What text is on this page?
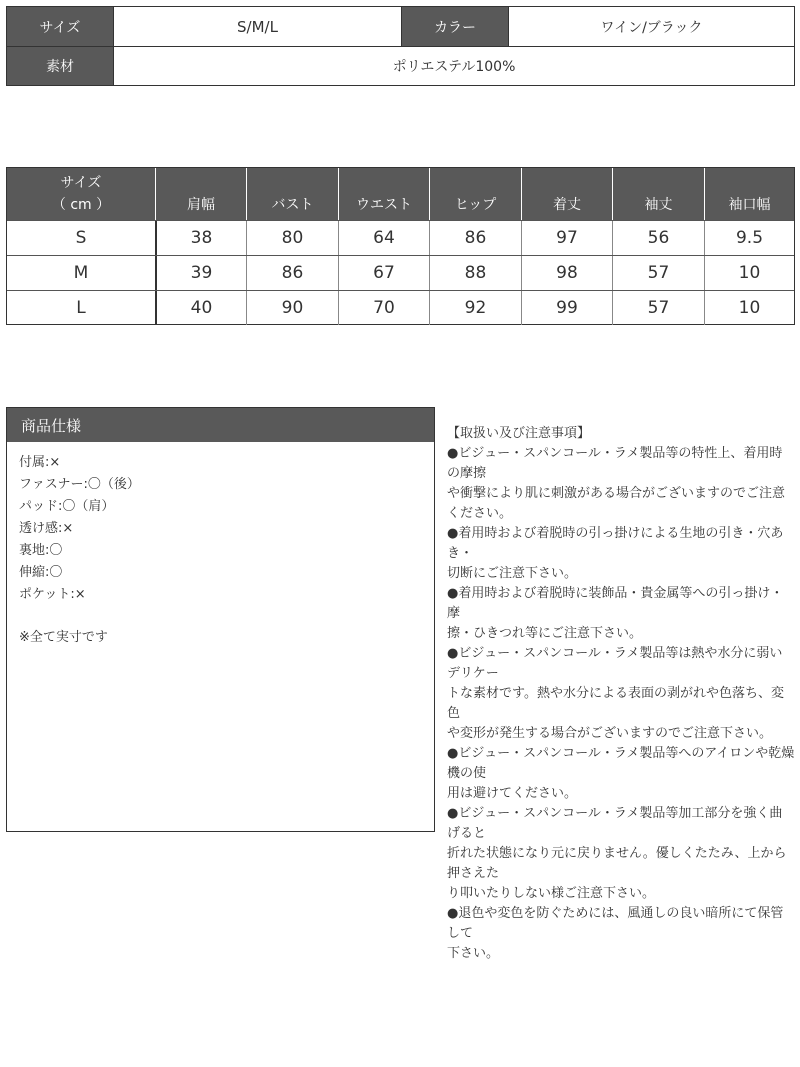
サイズ	S/M/L	カラー	ワイン/ブラック
素材	ポリエステル100%
サイズ
（ cm ）	肩幅	バスト	ウエスト	ヒップ	着丈	袖丈	袖口幅
S	38	80	64	86	97	56	9.5
M	39	86	67	88	98	57	10
L	40	90	70	92	99	57	10
商品仕様
付属:×
ファスナー:〇（後）
パッド:〇（肩）
透け感:×
裏地:〇
伸縮:〇
ポケット:×
※全て実寸です
【取扱い及び注意事項】
●ビジュー・スパンコール・ラメ製品等の特性上、着用時の摩擦
や衝撃により肌に刺激がある場合がございますのでご注意ください。
●着用時および着脱時の引っ掛けによる生地の引き・穴あき・
切断にご注意下さい。
●着用時および着脱時に装飾品・貴金属等への引っ掛け・摩
擦・ひきつれ等にご注意下さい。
●ビジュー・スパンコール・ラメ製品等は熱や水分に弱いデリケー
トな素材です。熱や水分による表面の剥がれや色落ち、変色
や変形が発生する場合がございますのでご注意下さい。
●ビジュー・スパンコール・ラメ製品等へのアイロンや乾燥機の使
用は避けてください。
●ビジュー・スパンコール・ラメ製品等加工部分を強く曲げると
折れた状態になり元に戻りません。優しくたたみ、上から押さえた
り叩いたりしない様ご注意下さい。
●退色や変色を防ぐためには、風通しの良い暗所にて保管して
下さい。
